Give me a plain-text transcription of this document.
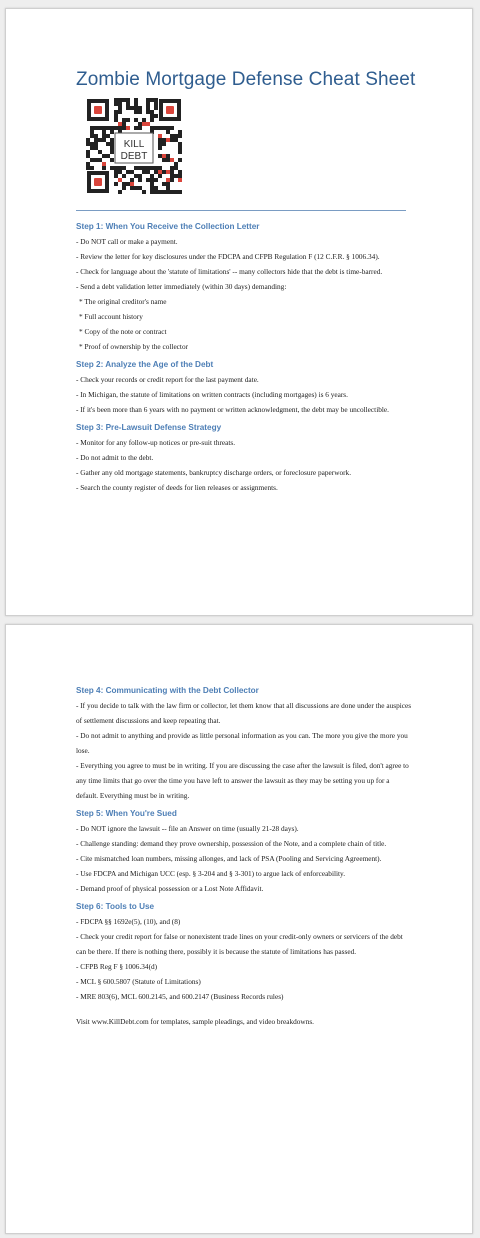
Zombie Mortgage Defense Cheat Sheet
KILL
DEBT
Step 1: When You Receive the Collection Letter

- Do NOT call or make a payment.

- Review the letter for key disclosures under the FDCPA and CFPB Regulation F (12 C.F.R. § 1006.34).

- Check for language about the 'statute of limitations' -- many collectors hide that the debt is time-barred.

- Send a debt validation letter immediately (within 30 days) demanding:

* The original creditor's name

* Full account history

* Copy of the note or contract

* Proof of ownership by the collector

Step 2: Analyze the Age of the Debt

- Check your records or credit report for the last payment date.

- In Michigan, the statute of limitations on written contracts (including mortgages) is 6 years.

- If it's been more than 6 years with no payment or written acknowledgment, the debt may be uncollectible.

Step 3: Pre-Lawsuit Defense Strategy

- Monitor for any follow-up notices or pre-suit threats.

- Do not admit to the debt.

- Gather any old mortgage statements, bankruptcy discharge orders, or foreclosure paperwork.

- Search the county register of deeds for lien releases or assignments.

Step 4: Communicating with the Debt Collector

- If you decide to talk with the law firm or collector, let them know that all discussions are done under the auspices of settlement discussions and keep repeating that.

- Do not admit to anything and provide as little personal information as you can. The more you give the more you lose.

- Everything you agree to must be in writing. If you are discussing the case after the lawsuit is filed, don't agree to any time limits that go over the time you have left to answer the lawsuit as they may be setting you up for a default. Everything must be in writing.

Step 5: When You're Sued

- Do NOT ignore the lawsuit -- file an Answer on time (usually 21-28 days).

- Challenge standing: demand they prove ownership, possession of the Note, and a complete chain of title.

- Cite mismatched loan numbers, missing allonges, and lack of PSA (Pooling and Servicing Agreement).

- Use FDCPA and Michigan UCC (esp. § 3-204 and § 3-301) to argue lack of enforceability.

- Demand proof of physical possession or a Lost Note Affidavit.

Step 6: Tools to Use

- FDCPA §§ 1692e(5), (10), and (8)

- Check your credit report for false or nonexistent trade lines on your credit-only owners or servicers of the debt can be there. If there is nothing there, possibly it is because the statute of limitations has passed.

- CFPB Reg F § 1006.34(d)

- MCL § 600.5807 (Statute of Limitations)

- MRE 803(6), MCL 600.2145, and 600.2147 (Business Records rules)

Visit www.KillDebt.com for templates, sample pleadings, and video breakdowns.
